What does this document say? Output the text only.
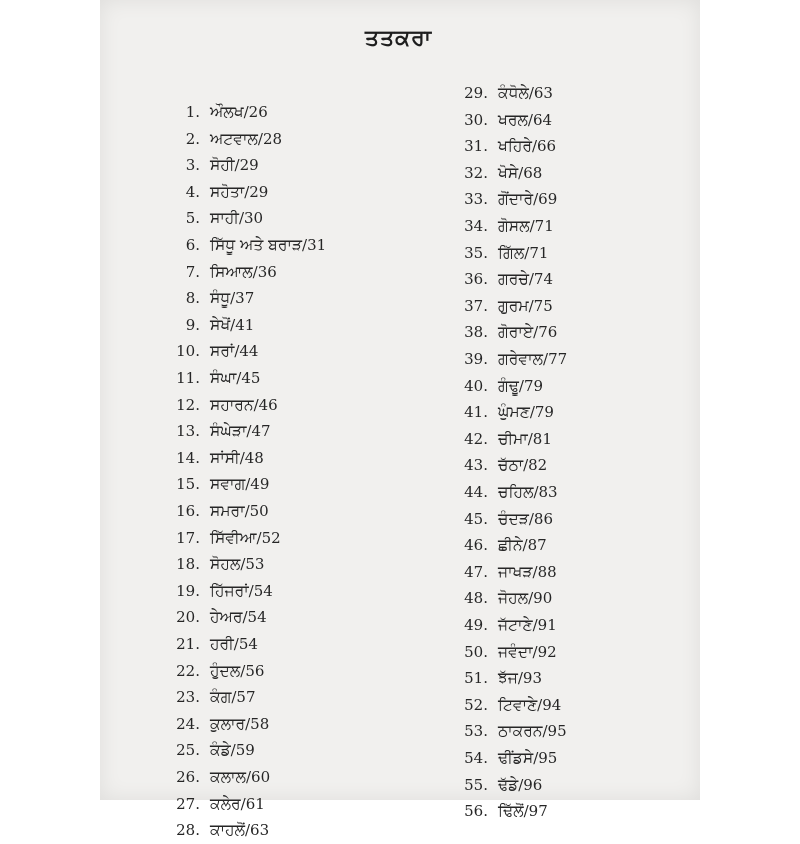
ਤਤਕਰਾ
1. ਔਲਖ/26
2. ਅਟਵਾਲ/28
3. ਸੋਹੀ/29
4. ਸਹੋਤਾ/29
5. ਸਾਹੀ/30
6. ਸਿੱਧੂ ਅਤੇ ਬਰਾੜ/31
7. ਸਿਆਲ/36
8. ਸੰਧੂ/37
9. ਸੇਖੋਂ/41
10. ਸਰਾਂ/44
11. ਸੰਘਾ/45
12. ਸਹਾਰਨ/46
13. ਸੰਘੇੜਾ/47
14. ਸਾਂਸੀ/48
15. ਸਵਾਗ/49
16. ਸਮਰਾ/50
17. ਸਿੱਵੀਆ/52
18. ਸੋਹਲ/53
19. ਹਿੱਜਰਾਂ/54
20. ਹੇਅਰ/54
21. ਹਰੀ/54
22. ਹੁੰਦਲ/56
23. ਕੰਗ/57
24. ਕੁਲਾਰ/58
25. ਕੰਡੇ/59
26. ਕਲਾਲ/60
27. ਕਲੇਰ/61
28. ਕਾਹਲੋਂ/63
29. ਕੰਧੋਲੇ/63
30. ਖਰਲ/64
31. ਖਹਿਰੇ/66
32. ਖੋਸੇ/68
33. ਗੋਂਦਾਰੇ/69
34. ਗੋਸਲ/71
35. ਗਿੱਲ/71
36. ਗਰਚੇ/74
37. ਗੁਰਮ/75
38. ਗੋਰਾਏ/76
39. ਗਰੇਵਾਲ/77
40. ਗੰਢੂ/79
41. ਘੁੰਮਣ/79
42. ਚੀਮਾ/81
43. ਚੱਠਾ/82
44. ਚਹਿਲ/83
45. ਚੰਦੜ/86
46. ਛੀਨੇ/87
47. ਜਾਖੜ/88
48. ਜੋਹਲ/90
49. ਜੱਟਾਣੇ/91
50. ਜਵੰਦਾ/92
51. ਝੱਜ/93
52. ਟਿਵਾਣੇ/94
53. ਠਾਕਰਨ/95
54. ਢੀਂਡਸੇ/95
55. ਢੱਡੇ/96
56. ਢਿੱਲੋਂ/97
